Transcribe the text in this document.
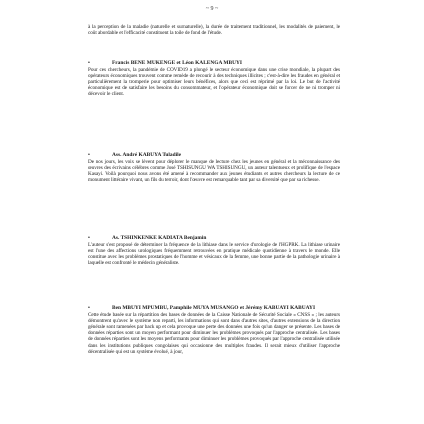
~ 9 ~

à la perception de la maladie (naturelle et surnaturelle), la durée de traitement traditionnel, les modalités de paiement, le coût abordable et l'efficacité constituent la toile de fond de l'étude.

•	Francis BENE MUKENGE et Léon KALENGA MBUYI

Pour ces chercheurs, la pandémie de COVID19 a plongé le secteur économique dans une crise mondiale, la plupart des opérateurs économiques trouvent comme remède de recourir à des techniques illicites ; c'est-à-dire les fraudes en général et particulièrement la tromperie pour optimiser leurs bénéfices, alors que ceci est réprimé par la loi. Le but de l'activité économique est de satisfaire les besoins du consommateur, et l'opérateur économique doit se forcer de ne ni tromper ni décevoir le client.

•	Ass. André KABUYA Tuladile

De nos jours, les voix se lèvent pour déplorer le manque de lecture chez les jeunes en général et la méconnaissance des œuvres des écrivains célèbres comme José TSHISUNGU WA TSHISUNGU, un auteur talentueux et prolifique de l'espace Kasayi. Voilà pourquoi nous avons été amené à recommander aux jeunes étudiants et autres chercheurs la lecture de ce monument littéraire vivant, un fils du terroir, dont l'œuvre est remarquable tant par sa diversité que par sa richesse.

•	As. TSHINKENKE KADIATA Benjamin

L'auteur s'est proposé de déterminer la fréquence de la lithiase dans le service d'urologie de l'HGPRK. La lithiase urinaire est l'une des affections urologiques fréquemment retrouvées en pratique médicale quotidienne à travers le monde. Elle constitue avec les problèmes prostatiques de l'homme et vésicaux de la femme, une bonne partie de la pathologie urinaire à laquelle est confronté le médecin généraliste.

•	Ben MBUYI MPUMBU, Pamphile MUYA MUSANGO et Jérémy KABUAYI KABUAYI

Cette étude basée sur la répartition des bases de données de la Caisse Nationale de Sécurité Sociale « CNSS » ; les auteurs démontrent qu'avec le système non reparti, les informations qui sont dans d'autres sites, d'autres extensions de la direction générale sont ramenées par back up et cela provoque une perte des données une fois qu'un danger se présente. Les bases de données réparties sont un moyen performant pour diminuer les problèmes provoqués par l'approche centralisée. Les bases de données réparties sont les moyens performants pour diminuer les problèmes provoqués par l'approche centralisée utilisée dans les institutions publiques congolaises qui occasionne des multiples fraudes. Il serait mieux d'utiliser l'approche décentralisée qui est un système évolué, à jour,
